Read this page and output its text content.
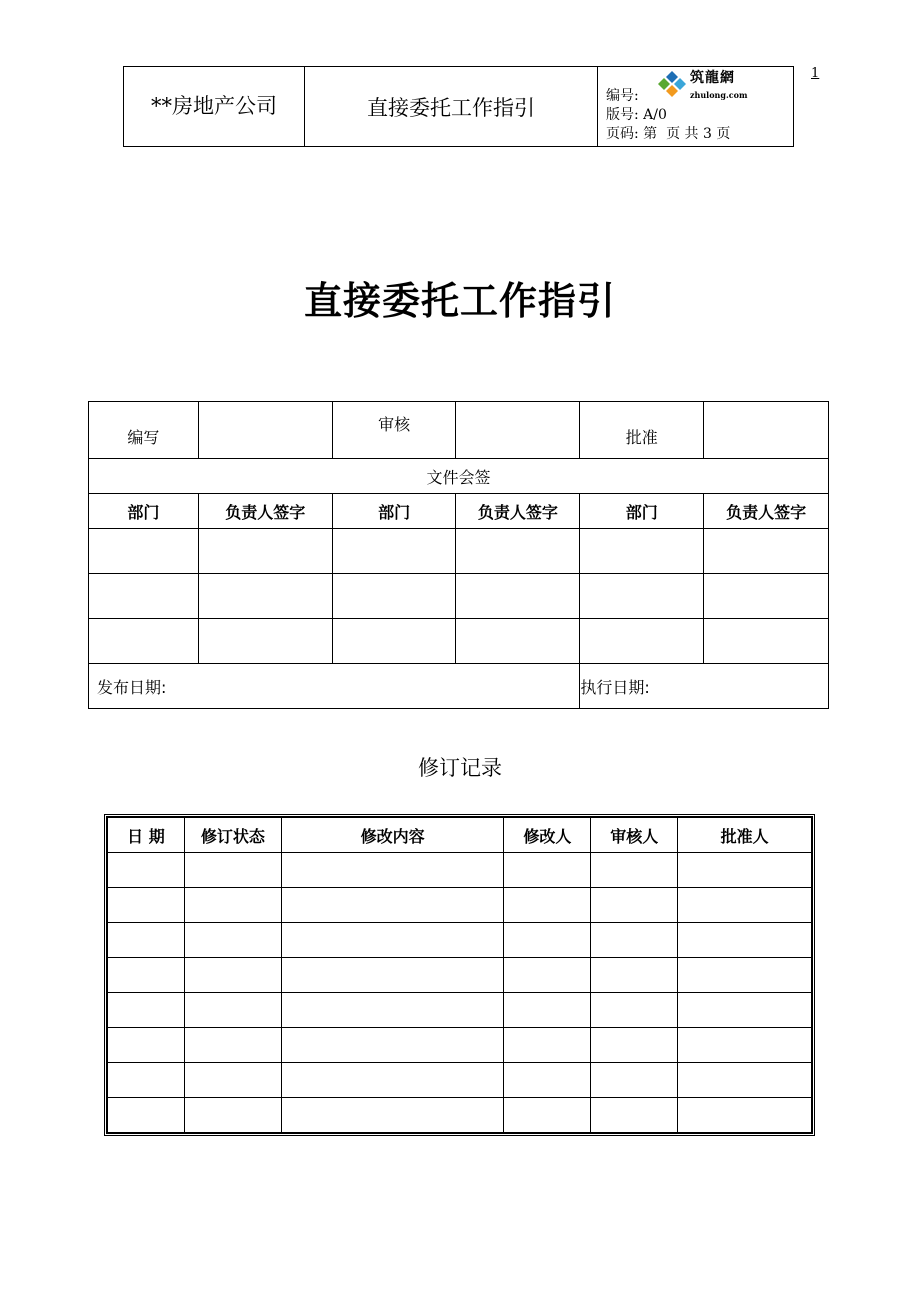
**房地产公司	直接委托工作指引	
筑龍網
zhulong.com
编号:
版号: A/0
页码: 第  页 共 3 页
1
直接委托工作指引
编写		审核		批准	
文件会签					
部门	负责人签字	部门	负责人签字	部门	负责人签字

发布日期:				执行日期:	
修订记录
日 期	修订状态	修改内容	修改人	审核人	批准人
